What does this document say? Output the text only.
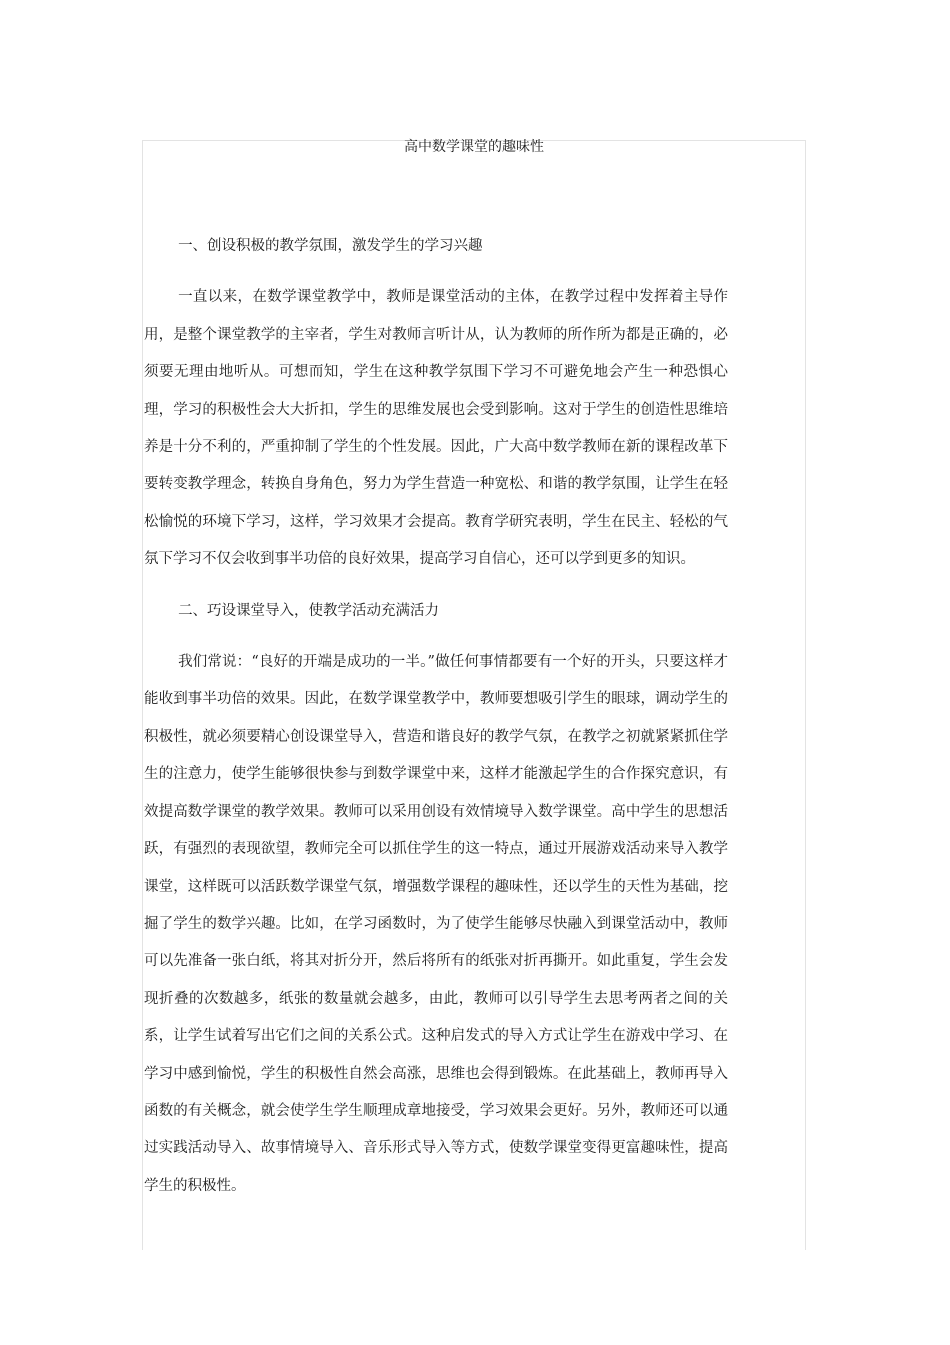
高中数学课堂的趣味性
一、创设积极的教学氛围，激发学生的学习兴趣

一直以来，在数学课堂教学中，教师是课堂活动的主体，在教学过程中发挥着主导作用，是整个课堂教学的主宰者，学生对教师言听计从，认为教师的所作所为都是正确的，必须要无理由地听从。可想而知，学生在这种教学氛围下学习不可避免地会产生一种恐惧心理，学习的积极性会大大折扣，学生的思维发展也会受到影响。这对于学生的创造性思维培养是十分不利的，严重抑制了学生的个性发展。因此，广大高中数学教师在新的课程改革下要转变教学理念，转换自身角色，努力为学生营造一种宽松、和谐的教学氛围，让学生在轻松愉悦的环境下学习，这样，学习效果才会提高。教育学研究表明，学生在民主、轻松的气氛下学习不仅会收到事半功倍的良好效果，提高学习自信心，还可以学到更多的知识。

二、巧设课堂导入，使教学活动充满活力

我们常说：“良好的开端是成功的一半。”做任何事情都要有一个好的开头，只要这样才能收到事半功倍的效果。因此，在数学课堂教学中，教师要想吸引学生的眼球，调动学生的积极性，就必须要精心创设课堂导入，营造和谐良好的教学气氛，在教学之初就紧紧抓住学生的注意力，使学生能够很快参与到数学课堂中来，这样才能激起学生的合作探究意识，有效提高数学课堂的教学效果。教师可以采用创设有效情境导入数学课堂。高中学生的思想活跃，有强烈的表现欲望，教师完全可以抓住学生的这一特点，通过开展游戏活动来导入教学课堂，这样既可以活跃数学课堂气氛，增强数学课程的趣味性，还以学生的天性为基础，挖掘了学生的数学兴趣。比如，在学习函数时，为了使学生能够尽快融入到课堂活动中，教师可以先准备一张白纸，将其对折分开，然后将所有的纸张对折再撕开。如此重复，学生会发现折叠的次数越多，纸张的数量就会越多，由此，教师可以引导学生去思考两者之间的关系，让学生试着写出它们之间的关系公式。这种启发式的导入方式让学生在游戏中学习、在学习中感到愉悦，学生的积极性自然会高涨，思维也会得到锻炼。在此基础上，教师再导入函数的有关概念，就会使学生学生顺理成章地接受，学习效果会更好。另外，教师还可以通过实践活动导入、故事情境导入、音乐形式导入等方式，使数学课堂变得更富趣味性，提高学生的积极性。
